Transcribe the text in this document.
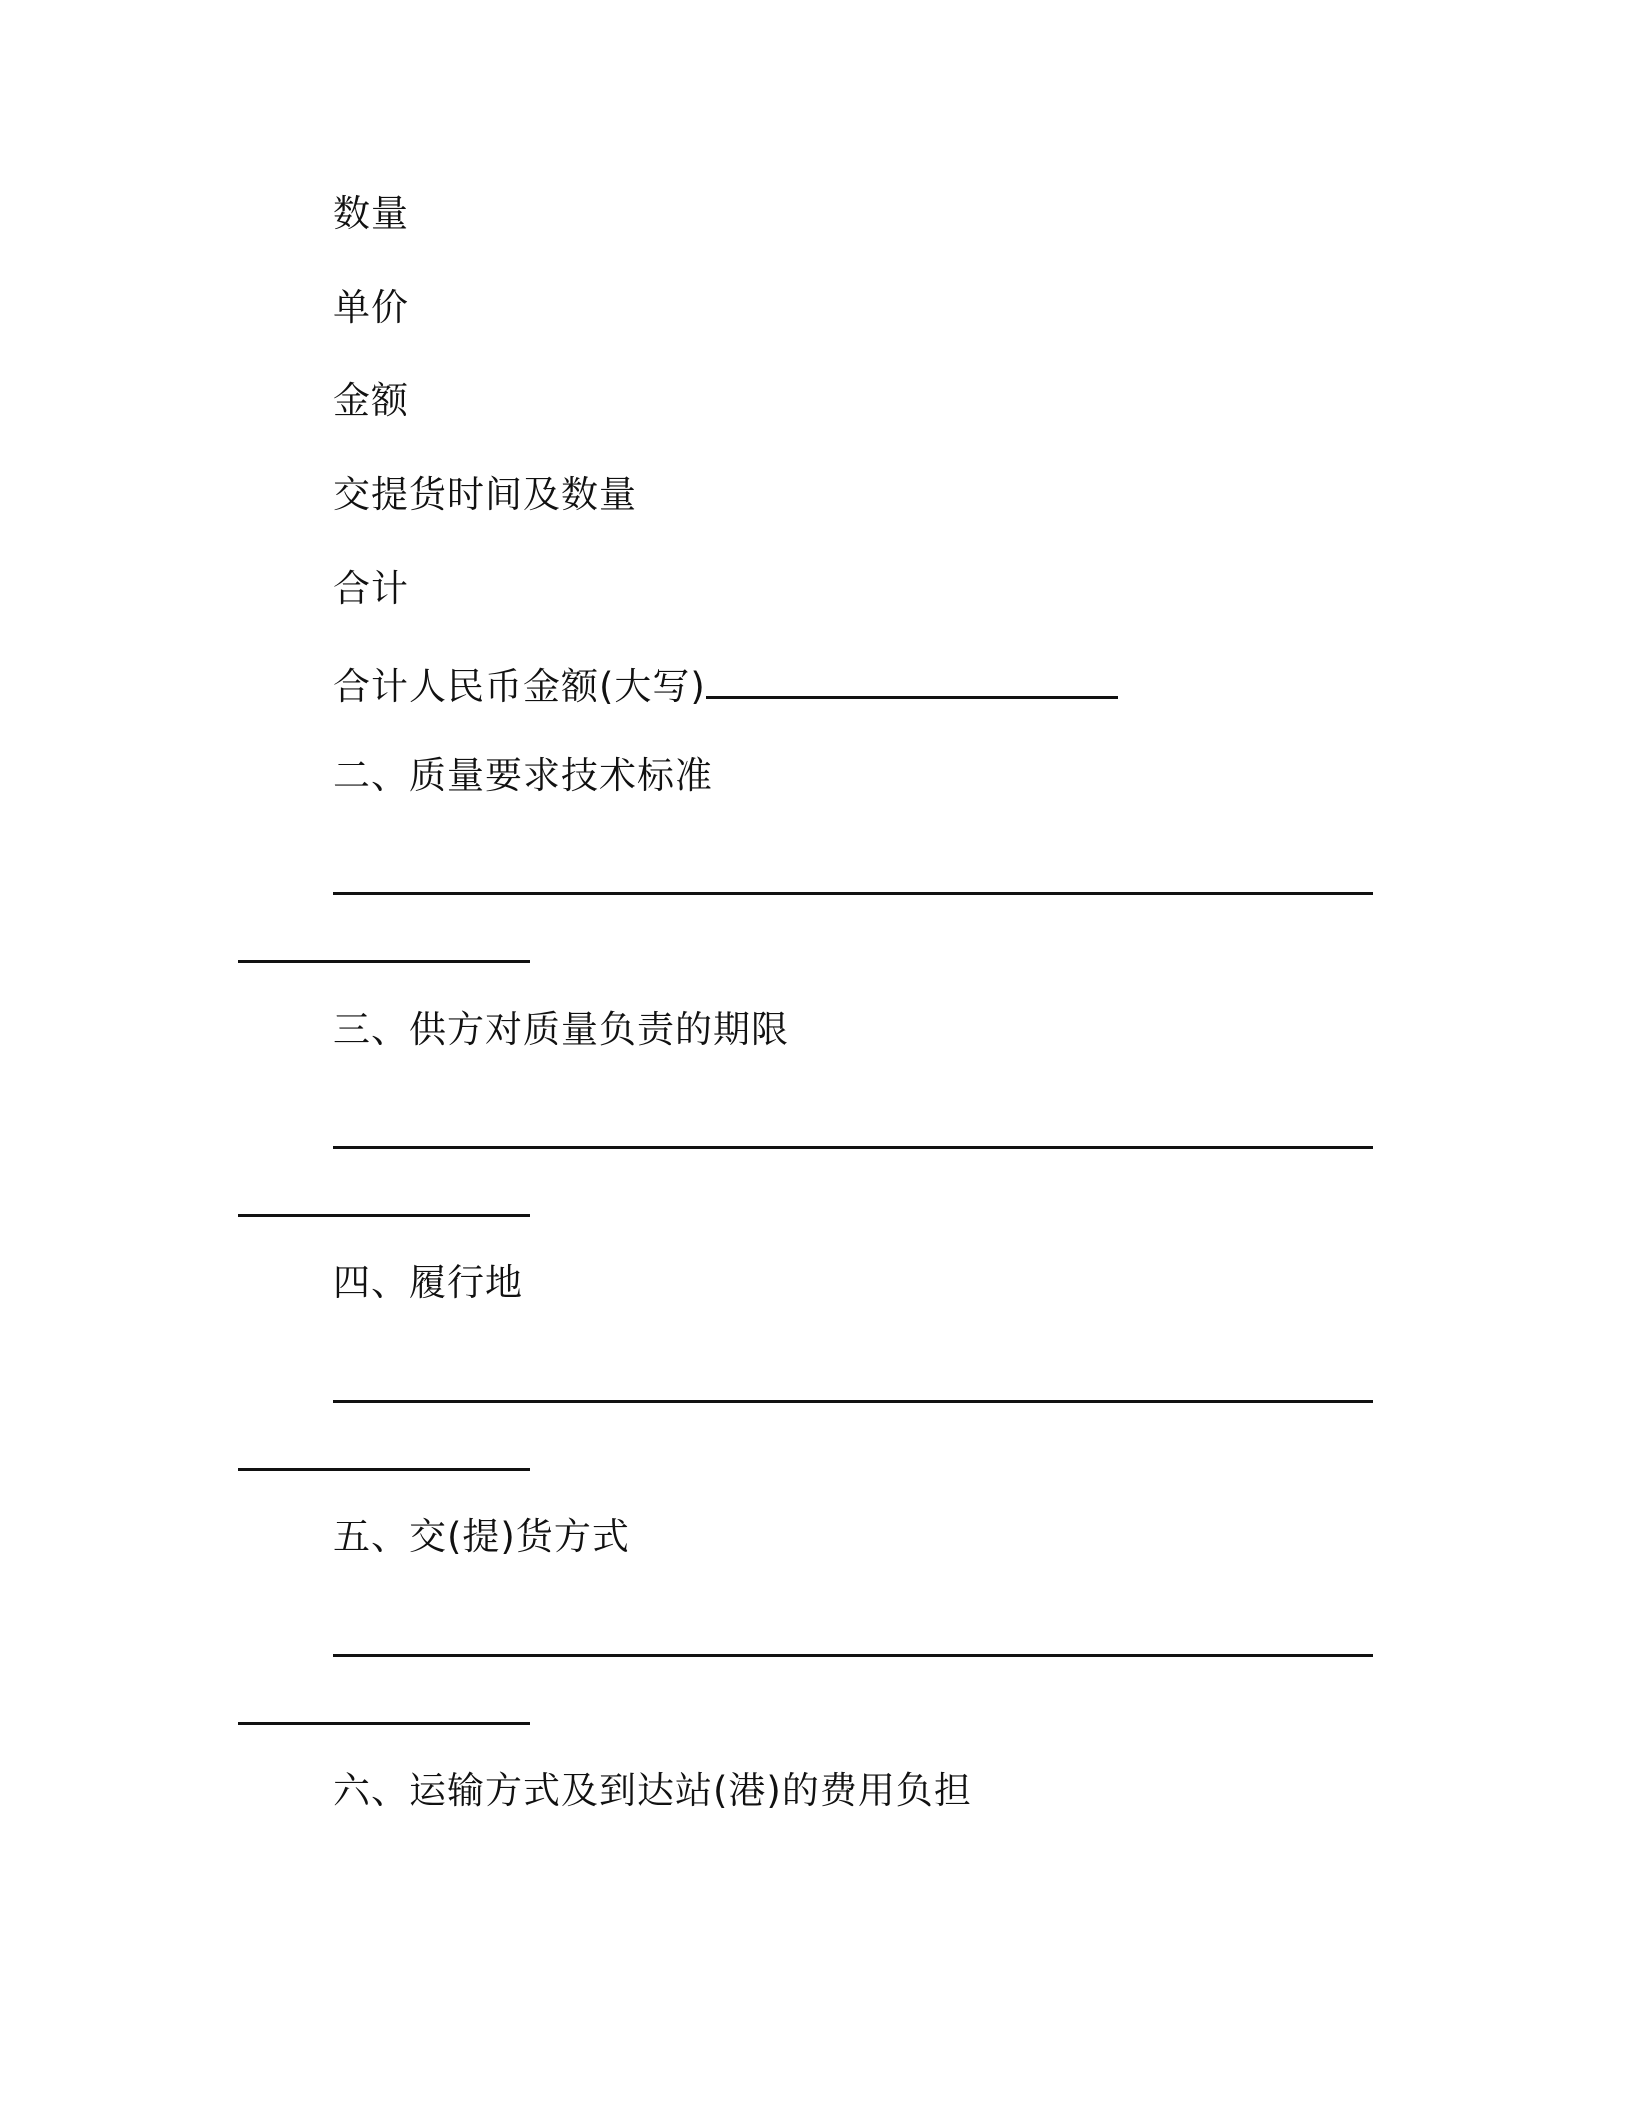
数量
单价
金额
交提货时间及数量
合计
合计人民币金额(大写)
二、质量要求技术标准
三、供方对质量负责的期限
四、履行地
五、交(提)货方式
六、运输方式及到达站(港)的费用负担
